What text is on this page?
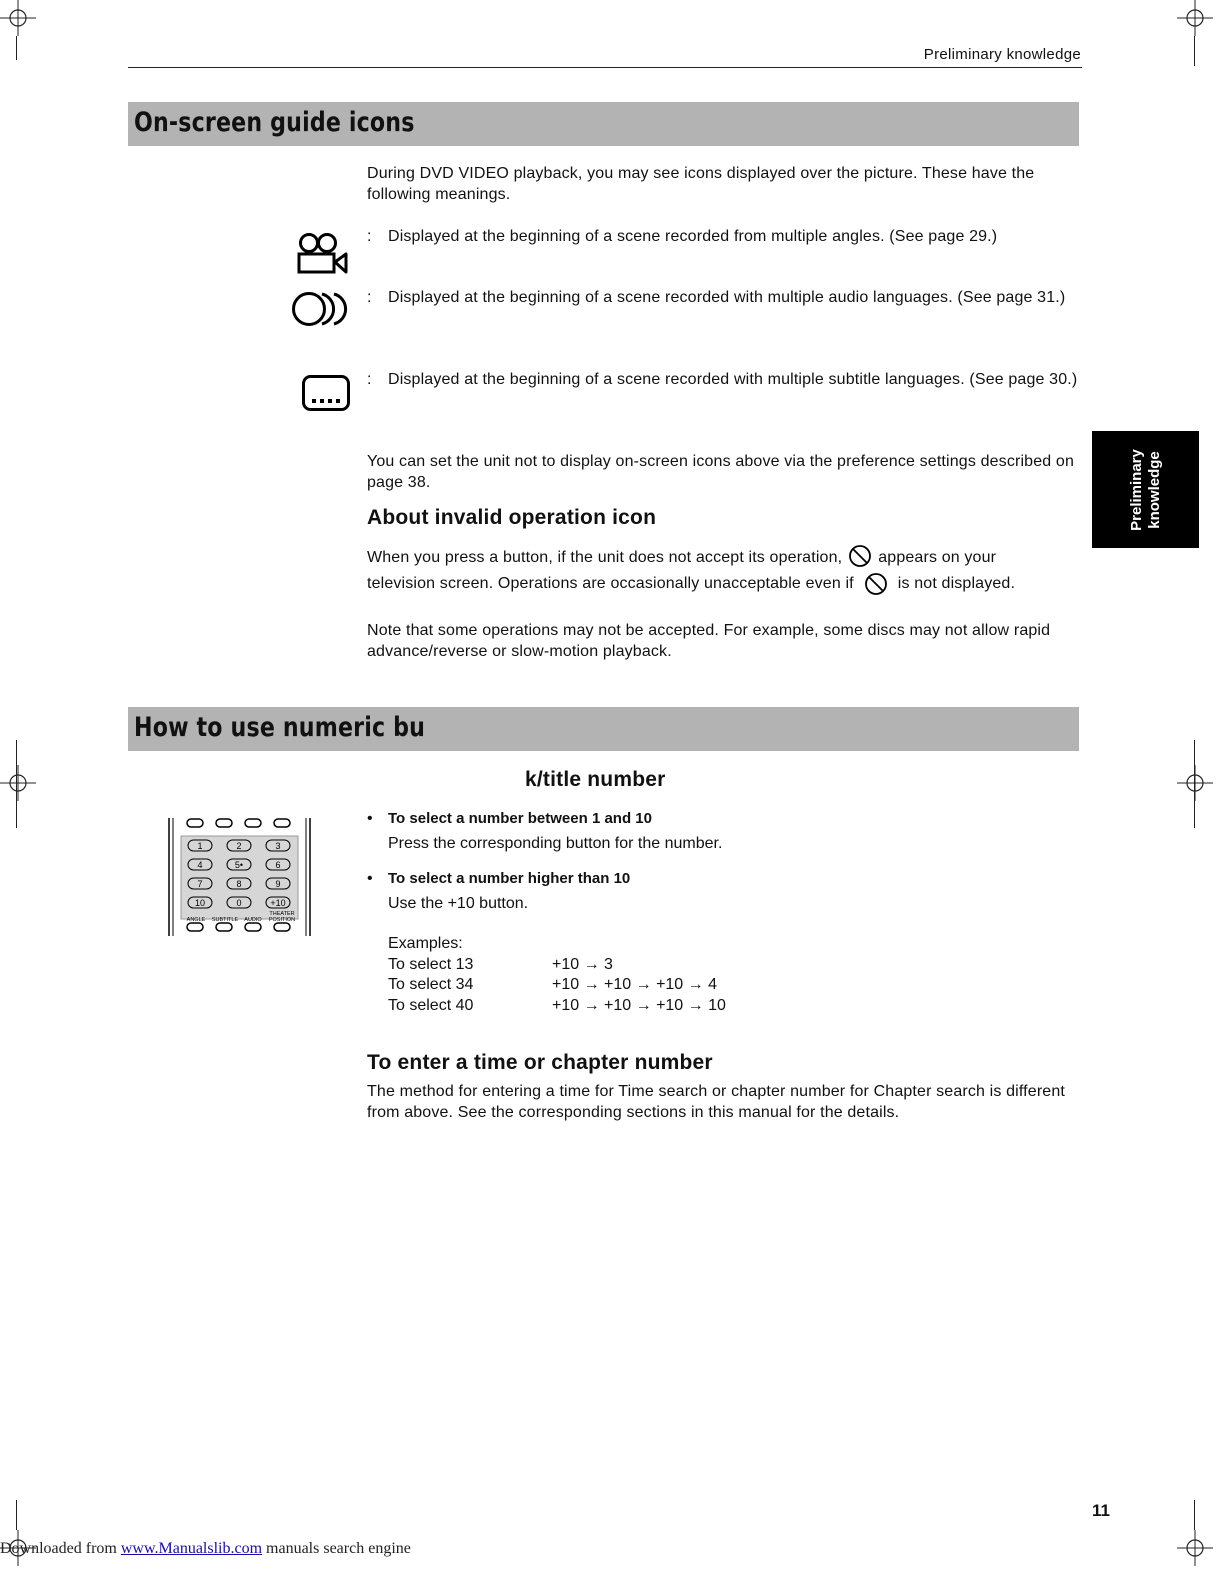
Preliminary knowledge
Preliminary knowledge
On-screen guide icons
During DVD VIDEO playback, you may see icons displayed over the picture. These have the following meanings.
: Displayed at the beginning of a scene recorded from multiple angles. (See page 29.)
: Displayed at the beginning of a scene recorded with multiple audio languages. (See page 31.)
: Displayed at the beginning of a scene recorded with multiple subtitle languages. (See page 30.)
You can set the unit not to display on-screen icons above via the preference settings described on page 38.
About invalid operation icon
When you press a button, if the unit does not accept its operation, appears on your
television screen. Operations are occasionally unacceptable even if	is not displayed.
Note that some operations may not be accepted. For example, some discs may not allow rapid advance/reverse or slow-motion playback.
How to use numeric bu
k/title number
1	2	3
4	5•	6
7	8	9
10	0	+10
ANGLE SUBTITLE AUDIO
THEATER
POSITION
• To select a number between 1 and 10
Press the corresponding button for the number.
• To select a number higher than 10
Use the +10 button.
Examples:
To select 13	+10 → 3
To select 34	+10 → +10 → +10 → 4
To select 40	+10 → +10 → +10 → 10
To enter a time or chapter number
The method for entering a time for Time search or chapter number for Chapter search is different from above. See the corresponding sections in this manual for the details.
11
Downloaded from www.Manualslib.com manuals search engine
